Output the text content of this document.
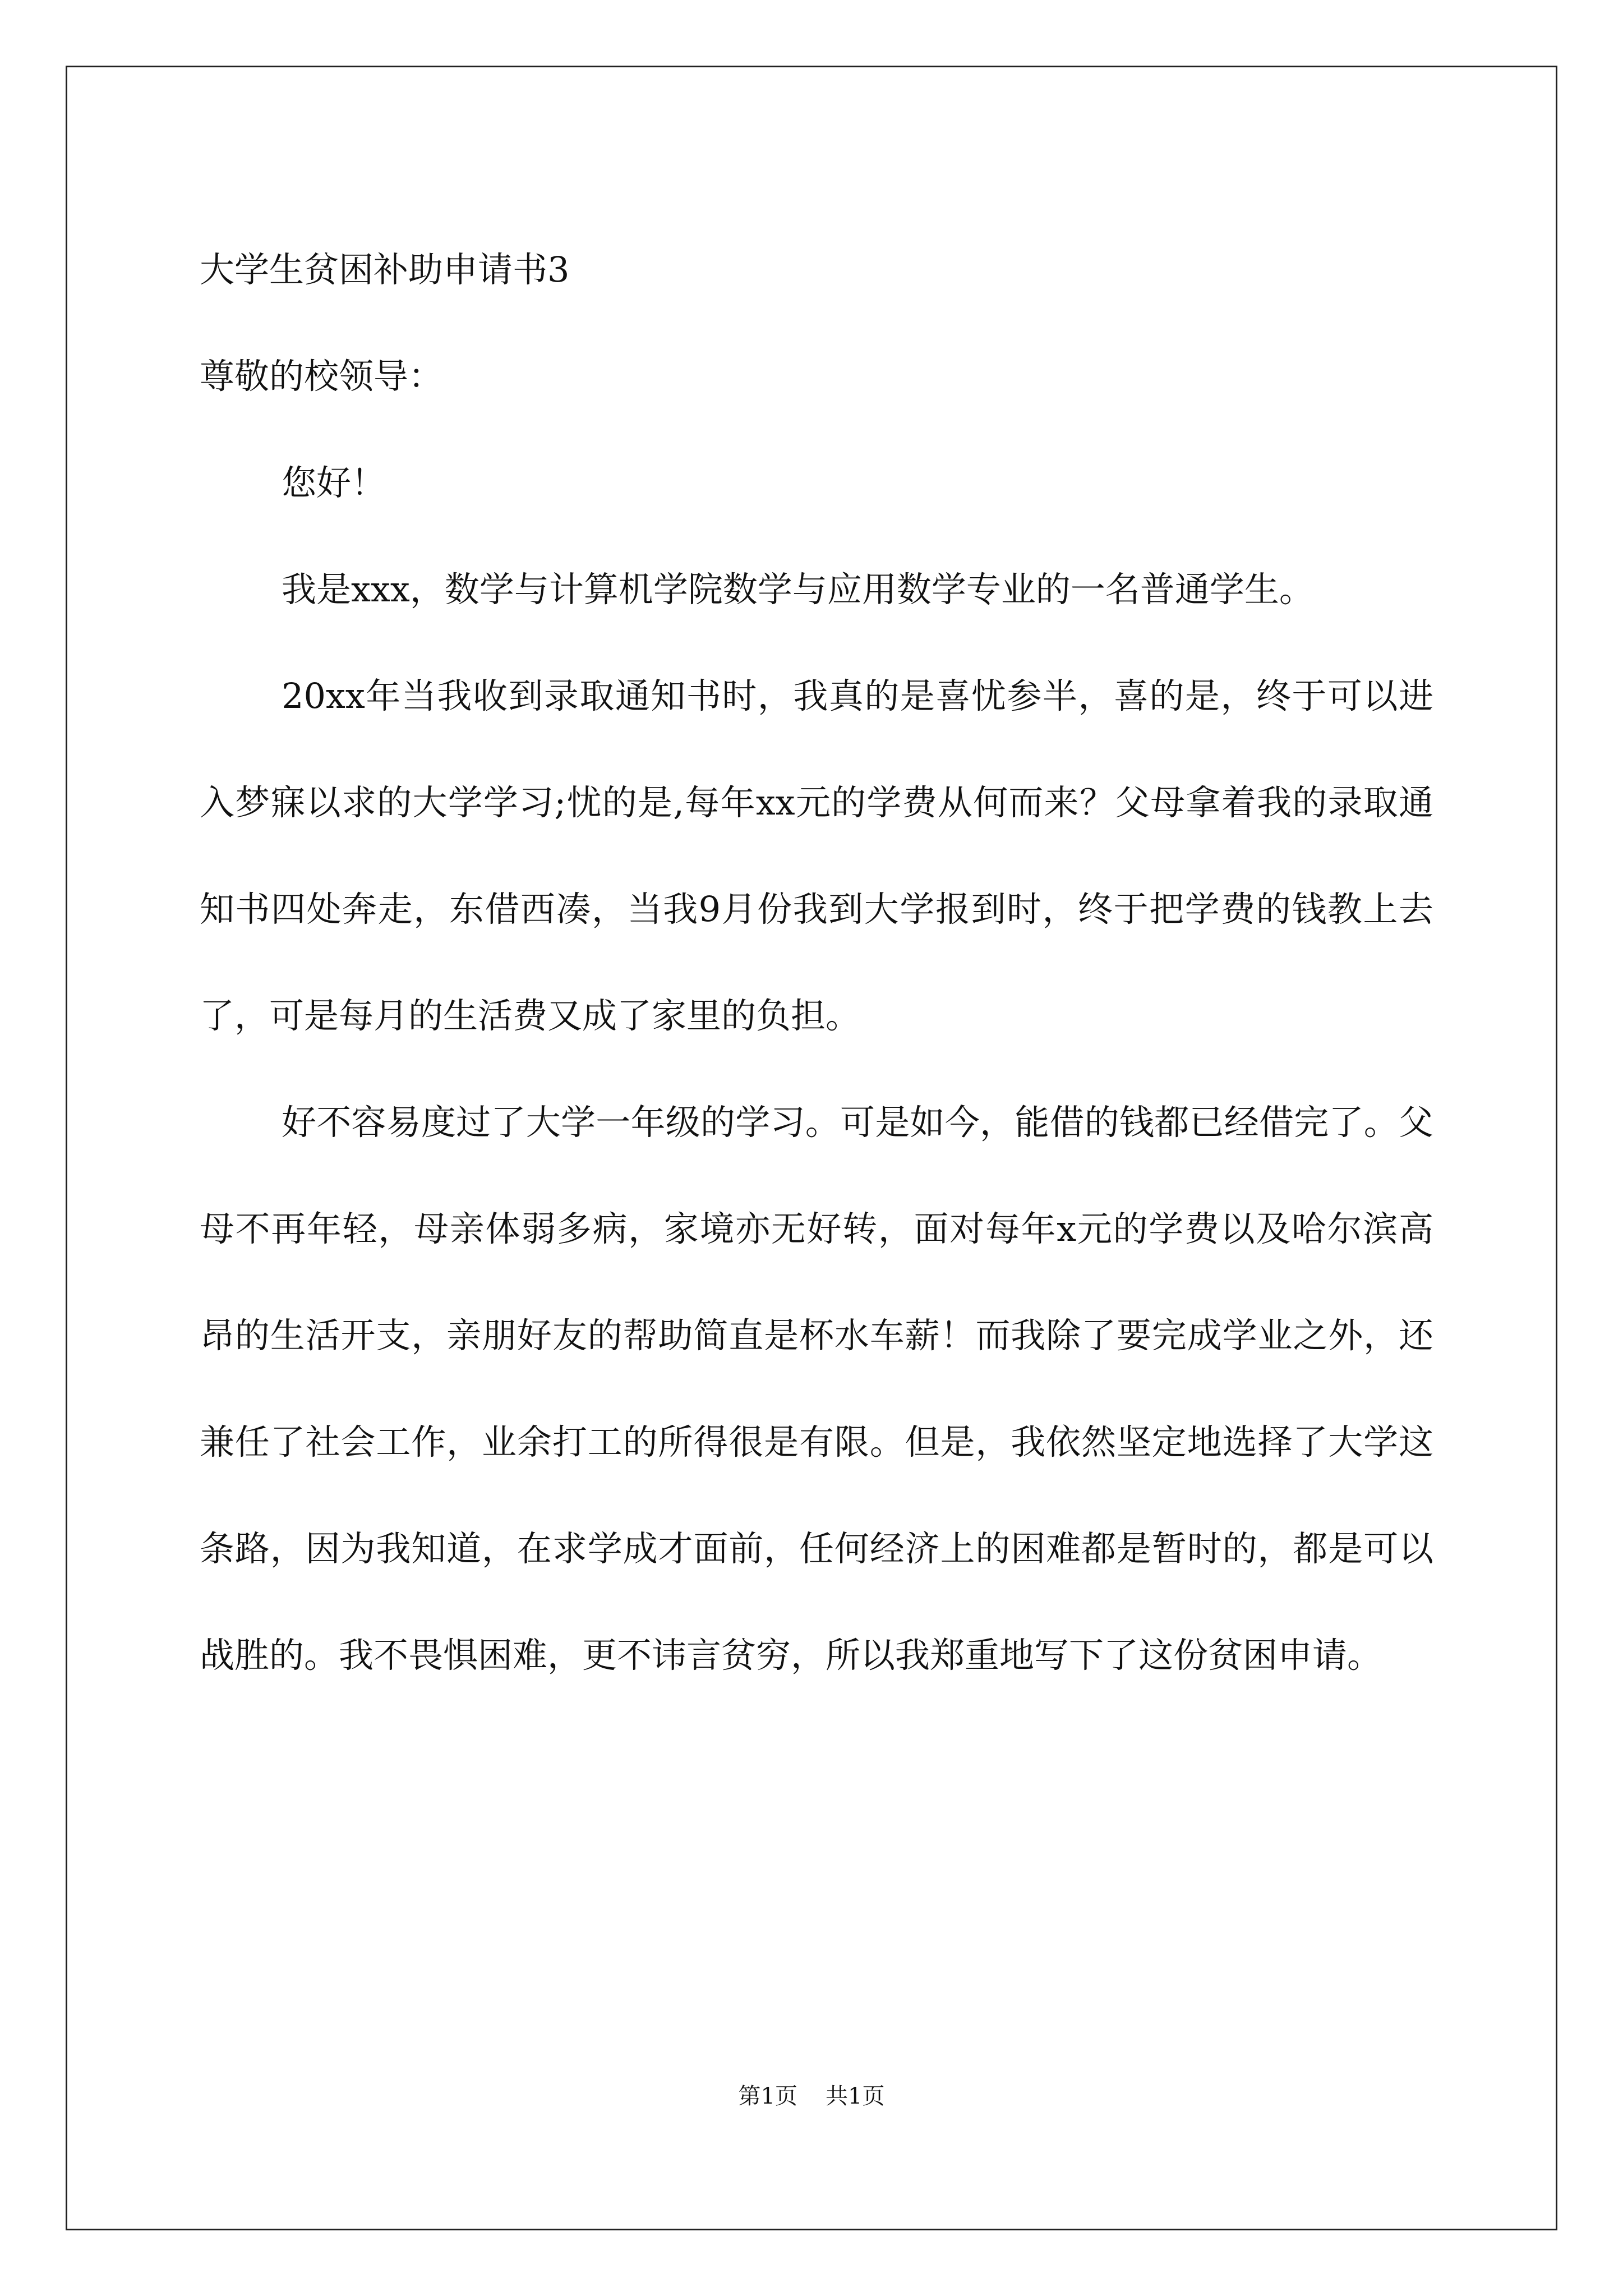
大学生贫困补助申请书3

尊敬的校领导：

您好！

我是xxx，数学与计算机学院数学与应用数学专业的一名普通学生。

20xx年当我收到录取通知书时，我真的是喜忧参半，喜的是，终于可以进入梦寐以求的大学学习;忧的是,每年xx元的学费从何而来？父母拿着我的录取通知书四处奔走，东借西凑，当我9月份我到大学报到时，终于把学费的钱教上去了，可是每月的生活费又成了家里的负担。

好不容易度过了大学一年级的学习。可是如今，能借的钱都已经借完了。父母不再年轻，母亲体弱多病，家境亦无好转，面对每年x元的学费以及哈尔滨高昂的生活开支，亲朋好友的帮助简直是杯水车薪！而我除了要完成学业之外，还兼任了社会工作，业余打工的所得很是有限。但是，我依然坚定地选择了大学这条路，因为我知道，在求学成才面前，任何经济上的困难都是暂时的，都是可以战胜的。我不畏惧困难，更不讳言贫穷，所以我郑重地写下了这份贫困申请。

第1页 共1页
